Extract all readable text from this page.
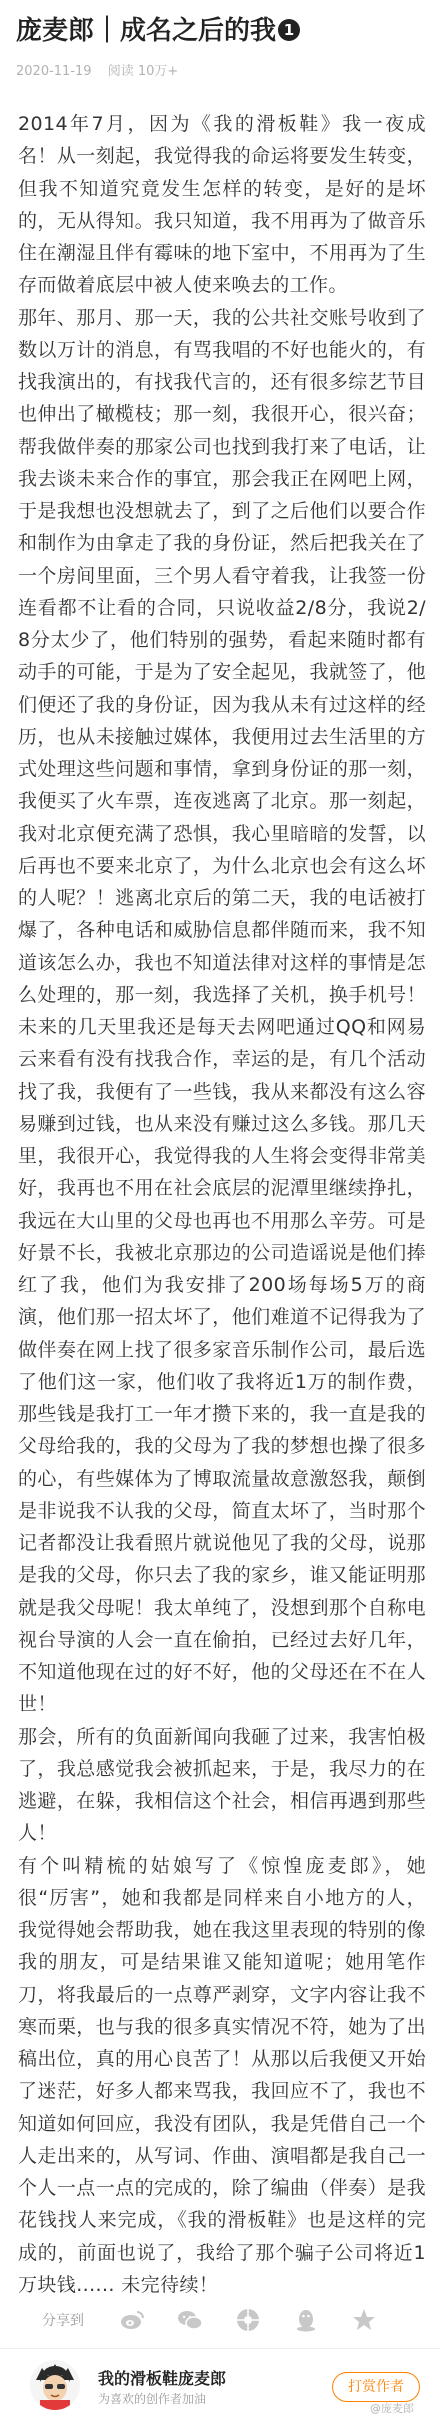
庞麦郎｜成名之后的我 1
2020-11-19 阅读 10万+

2014年7月，因为《我的滑板鞋》我一夜成名！从一刻起，我觉得我的命运将要发生转变，但我不知道究竟发生怎样的转变，是好的是坏的，无从得知。我只知道，我不用再为了做音乐住在潮湿且伴有霉味的地下室中，不用再为了生存而做着底层中被人使来唤去的工作。

那年、那月、那一天，我的公共社交账号收到了数以万计的消息，有骂我唱的不好也能火的，有找我演出的，有找我代言的，还有很多综艺节目也伸出了橄榄枝；那一刻，我很开心，很兴奋；帮我做伴奏的那家公司也找到我打来了电话，让我去谈未来合作的事宜，那会我正在网吧上网，于是我想也没想就去了，到了之后他们以要合作和制作为由拿走了我的身份证，然后把我关在了一个房间里面，三个男人看守着我，让我签一份连看都不让看的合同，只说收益2/8分，我说2/8分太少了，他们特别的强势，看起来随时都有动手的可能，于是为了安全起见，我就签了，他们便还了我的身份证，因为我从未有过这样的经历，也从未接触过媒体，我便用过去生活里的方式处理这些问题和事情，拿到身份证的那一刻，我便买了火车票，连夜逃离了北京。那一刻起，我对北京便充满了恐惧，我心里暗暗的发誓，以后再也不要来北京了，为什么北京也会有这么坏的人呢？！逃离北京后的第二天，我的电话被打爆了，各种电话和威胁信息都伴随而来，我不知道该怎么办，我也不知道法律对这样的事情是怎么处理的，那一刻，我选择了关机，换手机号！未来的几天里我还是每天去网吧通过QQ和网易云来看有没有找我合作，幸运的是，有几个活动找了我，我便有了一些钱，我从来都没有这么容易赚到过钱，也从来没有赚过这么多钱。那几天里，我很开心，我觉得我的人生将会变得非常美好，我再也不用在社会底层的泥潭里继续挣扎，我远在大山里的父母也再也不用那么辛劳。可是好景不长，我被北京那边的公司造谣说是他们捧红了我，他们为我安排了200场每场5万的商演，他们那一招太坏了，他们难道不记得我为了做伴奏在网上找了很多家音乐制作公司，最后选了他们这一家，他们收了我将近1万的制作费，那些钱是我打工一年才攒下来的，我一直是我的父母给我的，我的父母为了我的梦想也操了很多的心，有些媒体为了博取流量故意激怒我，颠倒是非说我不认我的父母，简直太坏了，当时那个记者都没让我看照片就说他见了我的父母，说那是我的父母，你只去了我的家乡，谁又能证明那就是我父母呢！我太单纯了，没想到那个自称电视台导演的人会一直在偷拍，已经过去好几年，不知道他现在过的好不好，他的父母还在不在人世！

那会，所有的负面新闻向我砸了过来，我害怕极了，我总感觉我会被抓起来，于是，我尽力的在逃避，在躲，我相信这个社会，相信再遇到那些人！

有个叫精梳的姑娘写了《惊惶庞麦郎》，她很“厉害”，她和我都是同样来自小地方的人，我觉得她会帮助我，她在我这里表现的特别的像我的朋友，可是结果谁又能知道呢；她用笔作刀，将我最后的一点尊严剥穿，文字内容让我不寒而栗，也与我的很多真实情况不符，她为了出稿出位，真的用心良苦了！从那以后我便又开始了迷茫，好多人都来骂我，我回应不了，我也不知道如何回应，我没有团队，我是凭借自己一个人走出来的，从写词、作曲、演唱都是我自己一个人一点一点的完成的，除了编曲（伴奏）是我花钱找人来完成，《我的滑板鞋》也是这样的完成的，前面也说了，我给了那个骗子公司将近1万块钱...... 未完待续！

分享到
我的滑板鞋庞麦郎
为喜欢的创作者加油
打赏作者
@庞麦郎
